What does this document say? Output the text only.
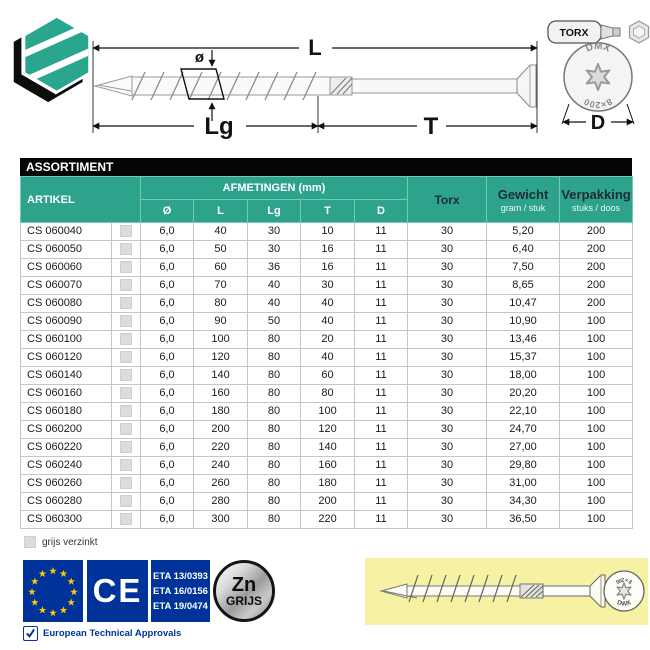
ø	L
Lg	T
TORX
DMX
8×200
D
ASSORTIMENT
ARTIKEL		AFMETINGEN (mm)					Torx	Gewicht
gram / stuk	Verpakking
stuks / doos

		Ø	L	Lg	T	D			
CS 060040		6,0	40	30	10	11	30	5,20	200
CS 060050		6,0	50	30	16	11	30	6,40	200
CS 060060		6,0	60	36	16	11	30	7,50	200
CS 060070		6,0	70	40	30	11	30	8,65	200
CS 060080		6,0	80	40	40	11	30	10,47	200
CS 060090		6,0	90	50	40	11	30	10,90	100
CS 060100		6,0	100	80	20	11	30	13,46	100
CS 060120		6,0	120	80	40	11	30	15,37	100
CS 060140		6,0	140	80	60	11	30	18,00	100
CS 060160		6,0	160	80	80	11	30	20,20	100
CS 060180		6,0	180	80	100	11	30	22,10	100
CS 060200		6,0	200	80	120	11	30	24,70	100
CS 060220		6,0	220	80	140	11	30	27,00	100
CS 060240		6,0	240	80	160	11	30	29,80	100
CS 060260		6,0	260	80	180	11	30	31,00	100
CS 060280		6,0	280	80	200	11	30	34,30	100
CS 060300		6,0	300	80	220	11	30	36,50	100
grijs verzinkt
CE ETA 13/0393
ETA 16/0156
ETA 19/0474
Zn
GRIJS
European Technical Approvals
8 × 200
DWX
